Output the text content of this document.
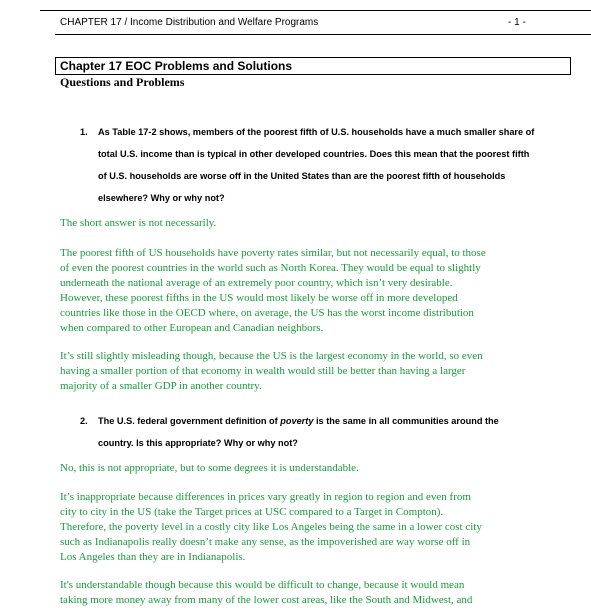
CHAPTER 17 / Income Distribution and Welfare Programs	- 1 -
Chapter 17 EOC Problems and Solutions
Questions and Problems
1. As Table 17-2 shows, members of the poorest fifth of U.S. households have a much smaller share of
total U.S. income than is typical in other developed countries. Does this mean that the poorest fifth
of U.S. households are worse off in the United States than are the poorest fifth of households
elsewhere? Why or why not?
The short answer is not necessarily.
The poorest fifth of US households have poverty rates similar, but not necessarily equal, to those
of even the poorest countries in the world such as North Korea. They would be equal to slightly
underneath the national average of an extremely poor country, which isn’t very desirable.
However, these poorest fifths in the US would most likely be worse off in more developed
countries like those in the OECD where, on average, the US has the worst income distribution
when compared to other European and Canadian neighbors.
It’s still slightly misleading though, because the US is the largest economy in the world, so even
having a smaller portion of that economy in wealth would still be better than having a larger
majority of a smaller GDP in another country.
2. The U.S. federal government definition of poverty is the same in all communities around the
country. Is this appropriate? Why or why not?
No, this is not appropriate, but to some degrees it is understandable.
It’s inappropriate because differences in prices vary greatly in region to region and even from
city to city in the US (take the Target prices at USC compared to a Target in Compton).
Therefore, the poverty level in a costly city like Los Angeles being the same in a lower cost city
such as Indianapolis really doesn’t make any sense, as the impoverished are way worse off in
Los Angeles than they are in Indianapolis.
It's understandable though because this would be difficult to change, because it would mean
taking more money away from many of the lower cost areas, like the South and Midwest, and
